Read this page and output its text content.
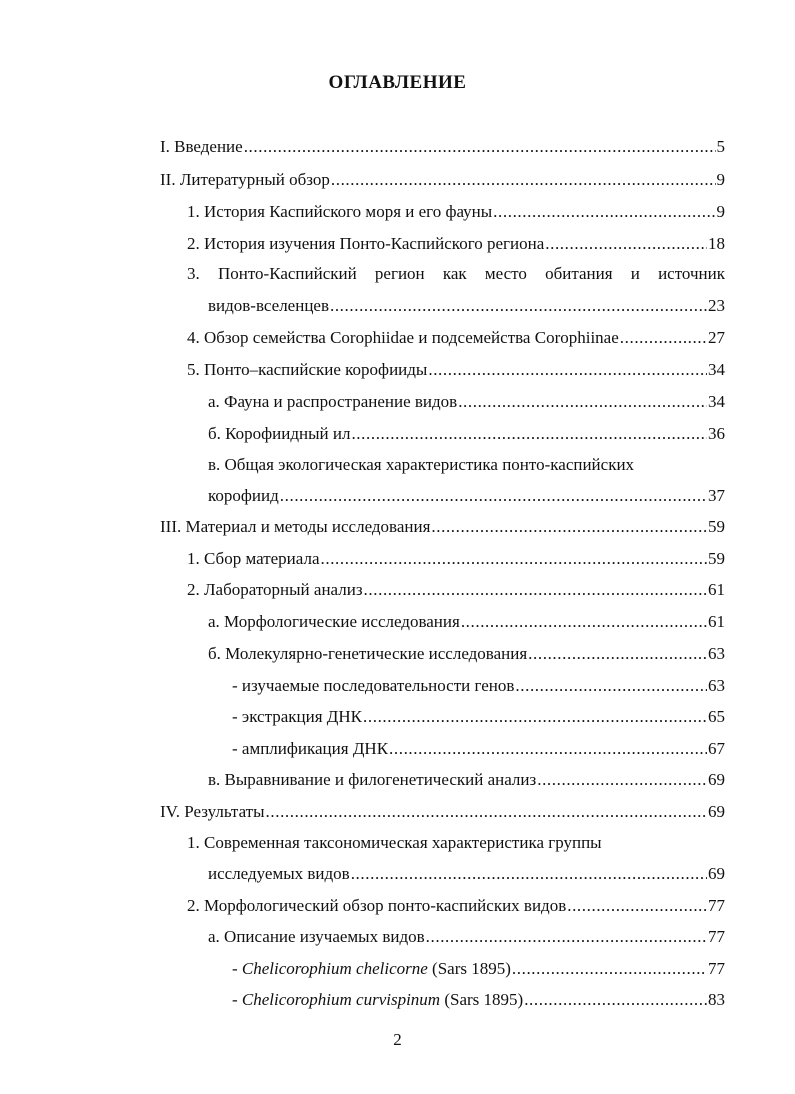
ОГЛАВЛЕНИЕ
I. Введение .....	5
II. Литературный обзор .....	9
1. История Каспийского моря и его фауны .....	9
2. История изучения Понто-Каспийского региона .....	18
3. Понто-Каспийский регион как место обитания и источник
видов-вселенцев .....	23
4. Обзор семейства Corophiidae и подсемейства Corophiinae .....	27
5. Понто–каспийские корофииды .....	34
а. Фауна и распространение видов .....	34
б. Корофиидный ил .....	36
в. Общая экологическая характеристика понто-каспийских
корофиид .....	37
III. Материал и методы исследования .....	59
1. Сбор материала .....	59
2. Лабораторный анализ .....	61
а. Морфологические исследования .....	61
б. Молекулярно-генетические исследования .....	63
- изучаемые последовательности генов .....	63
- экстракция ДНК .....	65
- амплификация ДНК .....	67
в. Выравнивание и филогенетический анализ .....	69
IV. Результаты .....	69
1. Современная таксономическая характеристика группы
исследуемых видов .....	69
2. Морфологический обзор понто-каспийских видов .....	77
а. Описание изучаемых видов .....	77
- Chelicorophium chelicorne (Sars 1895) .....	77
- Chelicorophium curvispinum (Sars 1895) .....	83
2
